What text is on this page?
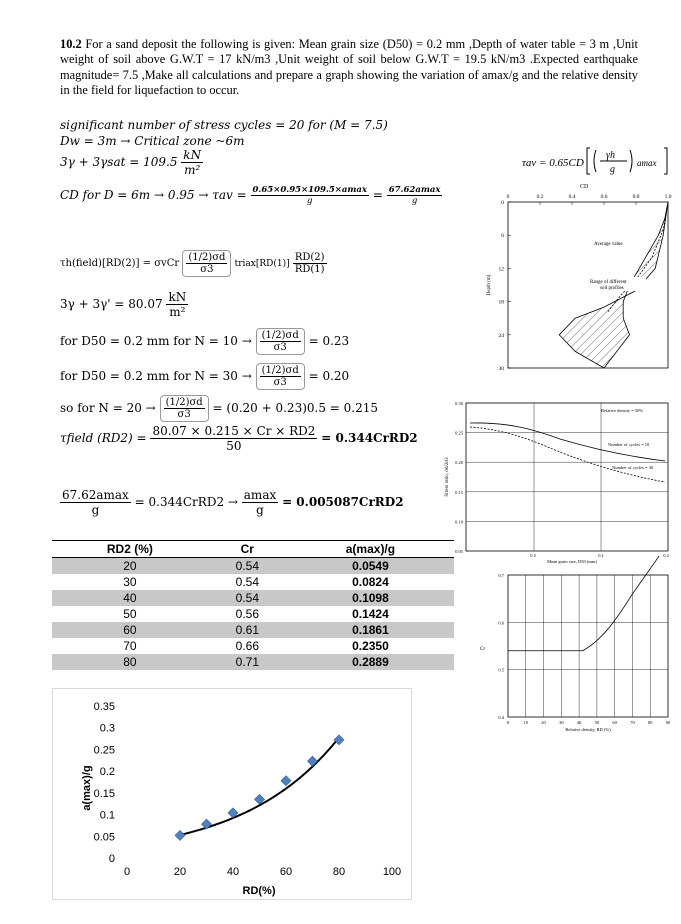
10.2 For a sand deposit the following is given: Mean grain size (D50) = 0.2 mm ,Depth of water table = 3 m ,Unit weight of soil above G.W.T = 17 kN/m3 ,Unit weight of soil below G.W.T = 19.5 kN/m3 .Expected earthquake magnitude= 7.5 ,Make all calculations and prepare a graph showing the variation of amax/g and the relative density in the field for liquefaction to occur.
significant number of stress cycles = 20 for (M = 7.5)
Dw = 3m → Critical zone ~6m
$3\gamma + 3\gamma sat = 109.5 \frac{kN}{\text{m²}}$
CD for $D = 6m \to 0.95 \to \tau av = \frac{0.65\times 0.95\times 109.5\times amax}{g} = \frac{67.62amax}{g}$
τh(field)[RD(2)] = σvCr $\frac{(1/2)\sigma d}{\sigma 3}$ triax[RD(1)] $\frac{RD(2)}{RD(1)}$
$3\gamma + 3\gamma' = 80.07 \frac{kN}{\text{m²}}$
for D50 = 0.2 mm for $N = 10 \to \frac{(1/2)\sigma d}{\sigma 3} = 0.23$
for D50 = 0.2 mm for $N = 30 \to \frac{(1/2)\sigma d}{\sigma 3} = 0.20$
so for $N = 20 \to \frac{(1/2)\sigma d}{\sigma 3} = (0.20 + 0.23)0.5 = 0.215$
τfield $(RD2) = \frac{80.07 \times 0.215 \times Cr \times RD2}{50}$ = 0.344CrRD2
$\frac{67.62amax}{g}$ = 0.344CrRD2 → $\frac{amax}{g}$ = 0.005087CrRD2
RD2 (%)	Cr	a(max)/g
20	0.54	0.0549
30	0.54	0.0824
40	0.54	0.1098
50	0.56	0.1424
60	0.61	0.1861
70	0.66	0.2350
80	0.71	0.2889
a(max)/g
RD(%)
0
0.05
0.1
0.15
0.2
0.25
0.3
0.35
0	20	40	60	80	100
τav = 0.65CD
γh
g
amax
CD
0	0.2	0.4	0.6	0.8	1.0
0
6
12
18
24
30
Depth (m)
Average value
Range of different
soil profiles
0.30
0.25
0.20
0.15
0.10
0.05
Stress ratio, σd/2σ3
0.5	0.1	0.2
Mean grain size, D50 (mm)
Relative density = 50%
Number of cycles = 10
Number of cycles = 30
0.7
0.6
0.5
0.4
0	10	20	30	40	50	60	70	80	90
Relative density, RD (%)
Cr
